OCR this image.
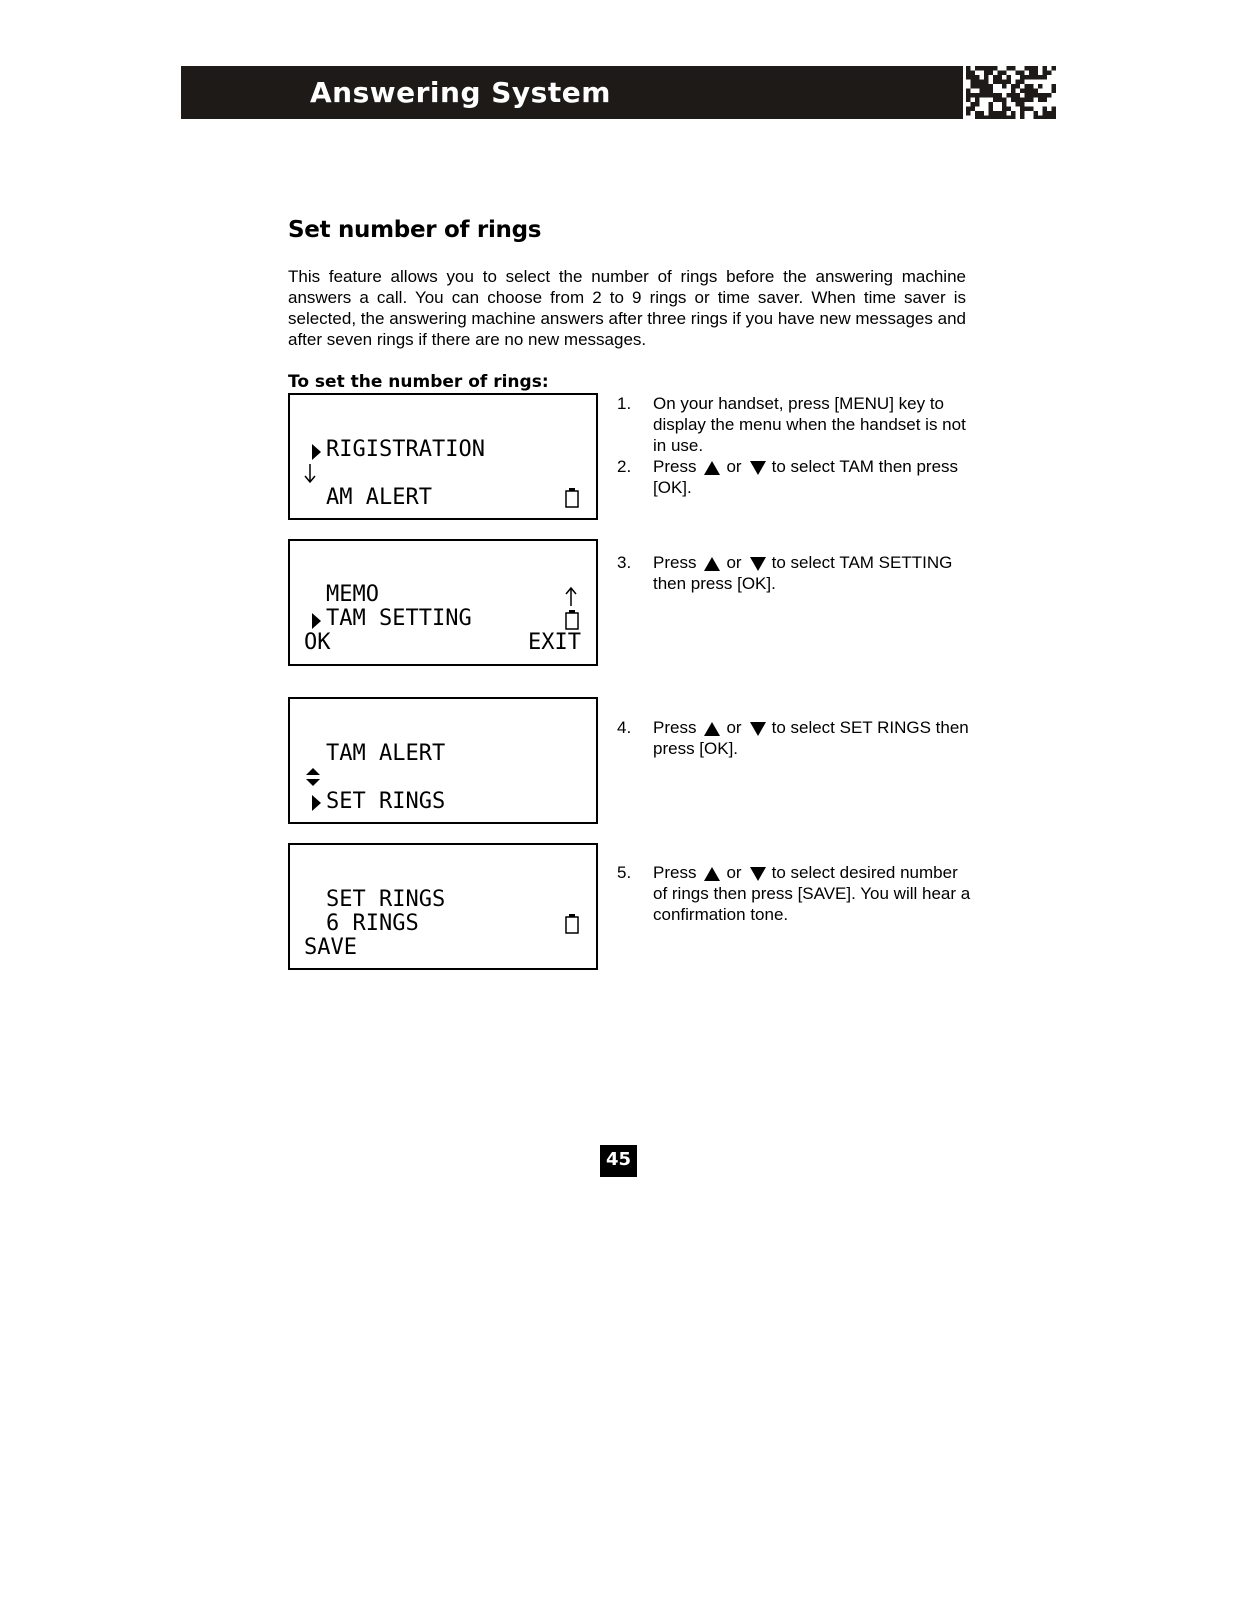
Answering System
Set number of rings
This feature allows you to select the number of rings before the answering machine answers a call. You can choose from 2 to 9 rings or time saver. When time saver is selected, the answering machine answers after three rings if you have new messages and after seven rings if there are no new messages.
To set the number of rings:
RIGISTRATION
AM ALERT
MEMO
TAM SETTING
OK	EXIT
TAM ALERT
SET RINGS
SET RINGS
6 RINGS
SAVE
1.	On your handset, press [MENU] key to display the menu when the handset is not in use.
2.	Press or to select TAM then press [OK].
3.	Press or to select TAM SETTING then press [OK].
4.	Press or to select SET RINGS then press [OK].
5.	Press or to select desired number of rings then press [SAVE]. You will hear a confirmation tone.
45
